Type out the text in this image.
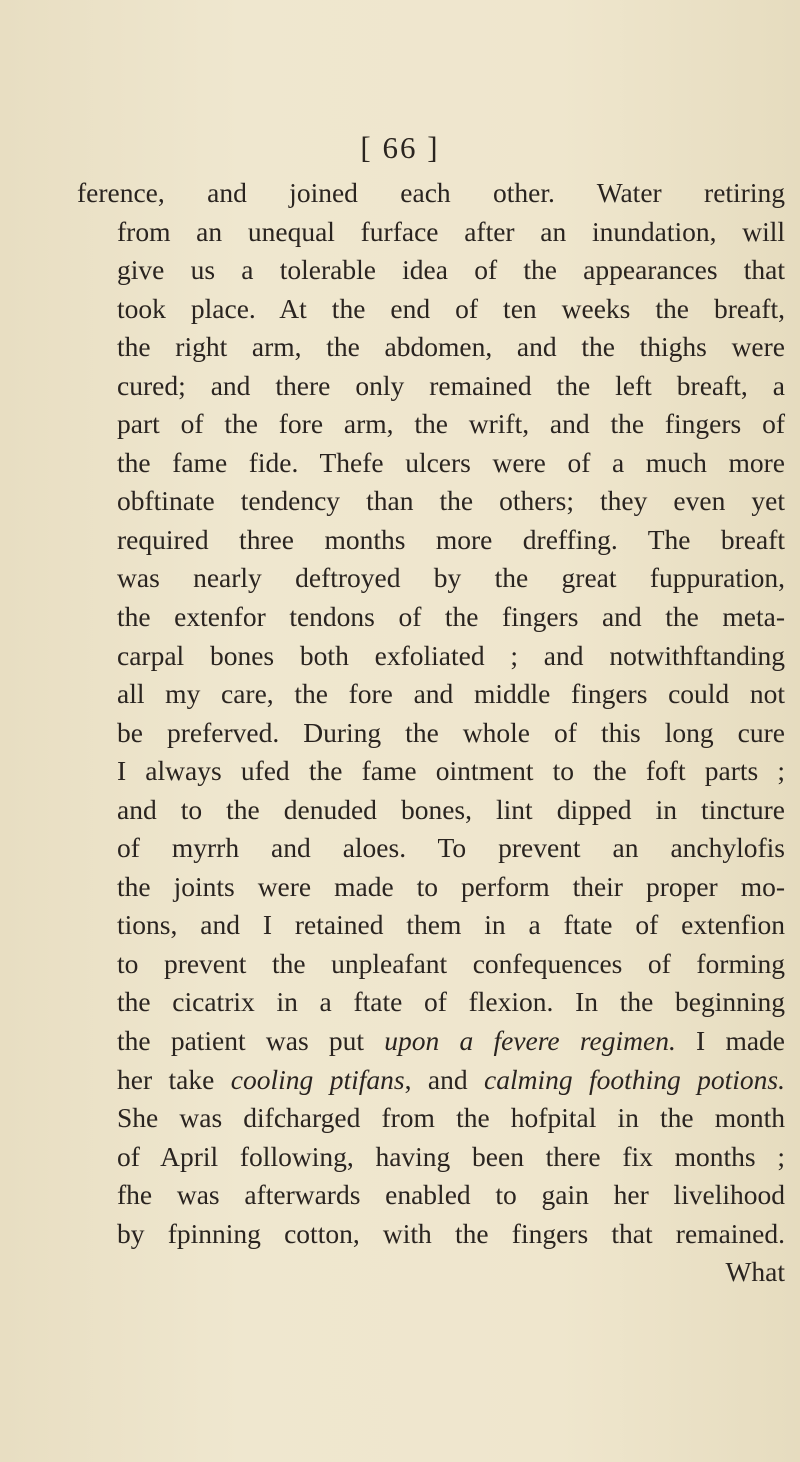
[ 66 ]
ference, and joined each other. Water retiring
from an unequal furface after an inundation, will
give us a tolerable idea of the appearances that
took place. At the end of ten weeks the breaft,
the right arm, the abdomen, and the thighs were
cured; and there only remained the left breaft, a
part of the fore arm, the wrift, and the fingers of
the fame fide. Thefe ulcers were of a much more
obftinate tendency than the others; they even yet
required three months more dreffing. The breaft
was nearly deftroyed by the great fuppuration,
the extenfor tendons of the fingers and the meta-
carpal bones both exfoliated ; and notwithftanding
all my care, the fore and middle fingers could not
be preferved. During the whole of this long cure
I always ufed the fame ointment to the foft parts ;
and to the denuded bones, lint dipped in tincture
of myrrh and aloes. To prevent an anchylofis
the joints were made to perform their proper mo-
tions, and I retained them in a ftate of extenfion
to prevent the unpleafant confequences of forming
the cicatrix in a ftate of flexion. In the beginning
the patient was put upon a fevere regimen. I made
her take cooling ptifans, and calming foothing potions.
She was difcharged from the hofpital in the month
of April following, having been there fix months ;
fhe was afterwards enabled to gain her livelihood
by fpinning cotton, with the fingers that remained.
What
